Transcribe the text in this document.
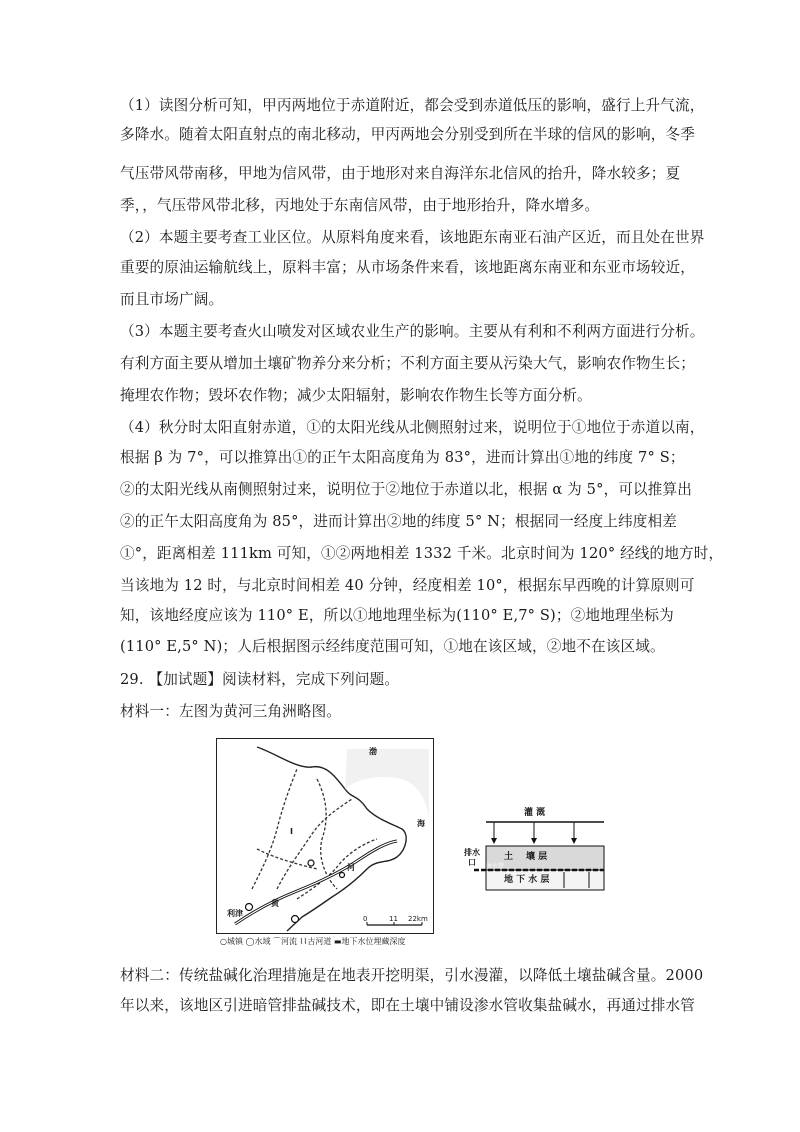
（1）读图分析可知，甲丙两地位于赤道附近，都会受到赤道低压的影响，盛行上升气流，
多降水。随着太阳直射点的南北移动，甲丙两地会分别受到所在半球的信风的影响，冬季
气压带风带南移，甲地为信风带，由于地形对来自海洋东北信风的抬升，降水较多；夏
季，，气压带风带北移，丙地处于东南信风带，由于地形抬升，降水增多。
（2）本题主要考查工业区位。从原料角度来看，该地距东南亚石油产区近，而且处在世界
重要的原油运输航线上，原料丰富；从市场条件来看，该地距离东南亚和东亚市场较近，
而且市场广阔。
（3）本题主要考查火山喷发对区域农业生产的影响。主要从有利和不利两方面进行分析。
有利方面主要从增加土壤矿物养分来分析；不利方面主要从污染大气，影响农作物生长；
掩埋农作物；毁坏农作物；减少太阳辐射，影响农作物生长等方面分析。
（4）秋分时太阳直射赤道，①的太阳光线从北侧照射过来，说明位于①地位于赤道以南，
根据 β 为 7°，可以推算出①的正午太阳高度角为 83°，进而计算出①地的纬度 7° S；
②的太阳光线从南侧照射过来，说明位于②地位于赤道以北，根据 α 为 5°，可以推算出
②的正午太阳高度角为 85°，进而计算出②地的纬度 5° N；根据同一经度上纬度相差
①°，距离相差 111km 可知，①②两地相差 1332 千米。北京时间为 120° 经线的地方时，
当该地为 12 时，与北京时间相差 40 分钟，经度相差 10°，根据东早西晚的计算原则可
知，该地经度应该为 110° E，所以①地地理坐标为(110° E,7° S)；②地地理坐标为
(110° E,5° N)；人后根据图示经纬度范围可知，①地在该区域，②地不在该区域。
29. 【加试题】阅读材料，完成下列问题。
材料一：左图为黄河三角洲略图。
渤
海
河
黄
I
利津
0	11 22km
○城镇 ◯水域 ⌒河流 ⌇⌇古河道 ▬地下水位埋藏深度
灌 溉
土 壤 层
地 下 水 层
排 水
口 渗水管
材料二：传统盐碱化治理措施是在地表开挖明渠，引水漫灌，以降低土壤盐碱含量。2000
年以来，该地区引进暗管排盐碱技术，即在土壤中铺设渗水管收集盐碱水，再通过排水管
